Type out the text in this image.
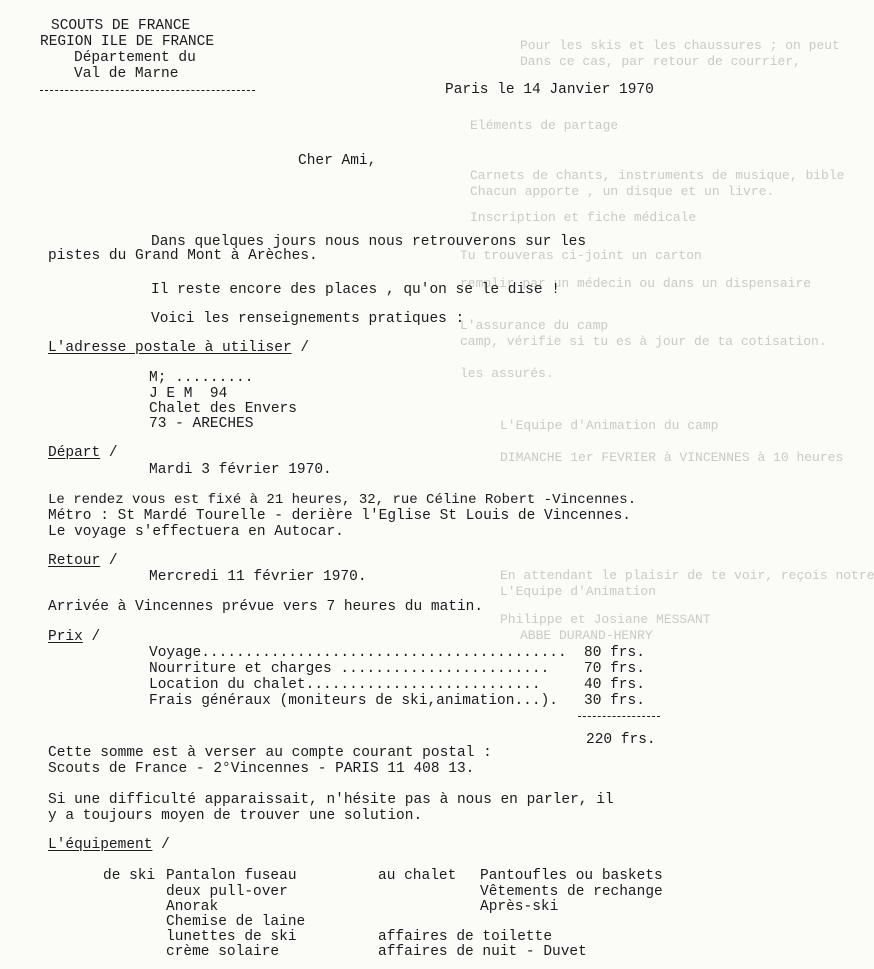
Pour les skis et les chaussures ; on peut
Dans ce cas, par retour de courrier,
Eléments de partage
Carnets de chants, instruments de musique, bible
Chacun apporte , un disque et un livre.
Inscription et fiche médicale
Tu trouveras ci-joint un carton
remplir par un médecin ou dans un dispensaire
L'assurance du camp
camp, vérifie si tu es à jour de ta cotisation.
les assurés.
L'Equipe d'Animation du camp
DIMANCHE 1er FEVRIER à VINCENNES à 10 heures
En attendant le plaisir de te voir, reçois notre
L'Equipe d'Animation
Philippe et Josiane MESSANT
ABBE DURAND-HENRY
SCOUTS DE FRANCE
REGION ILE DE FRANCE
Département du
Val de Marne
Paris le 14 Janvier 1970
Cher Ami,
Dans quelques jours nous nous retrouverons sur les
pistes du Grand Mont à Arèches.
Il reste encore des places , qu'on se le dise !
Voici les renseignements pratiques :
L'adresse postale à utiliser /
M; .........
J E M  94
Chalet des Envers
73 - ARECHES
Départ /
Mardi 3 février 1970.
Le rendez vous est fixé à 21 heures, 32, rue Céline Robert -Vincennes.
Métro : St Mardé Tourelle - derière l'Eglise St Louis de Vincennes.
Le voyage s'effectuera en Autocar.
Retour /
Mercredi 11 février 1970.
Arrivée à Vincennes prévue vers 7 heures du matin.
Prix /
Voyage.......................................... 80 frs.
Nourriture et charges ........................ 70 frs.
Location du chalet...........................	40 frs.
Frais généraux (moniteurs de ski,animation...). 30 frs.
220 frs.
Cette somme est à verser au compte courant postal :
Scouts de France - 2°Vincennes - PARIS 11 408 13.
Si une difficulté apparaissait, n'hésite pas à nous en parler, il
y a toujours moyen de trouver une solution.
L'équipement /
de ski Pantalon fuseau
deux pull-over
Anorak
Chemise de laine
lunettes de ski
crème solaire
au chalet Pantoufles ou baskets
Vêtements de rechange
Après-ski
affaires de toilette
affaires de nuit - Duvet
